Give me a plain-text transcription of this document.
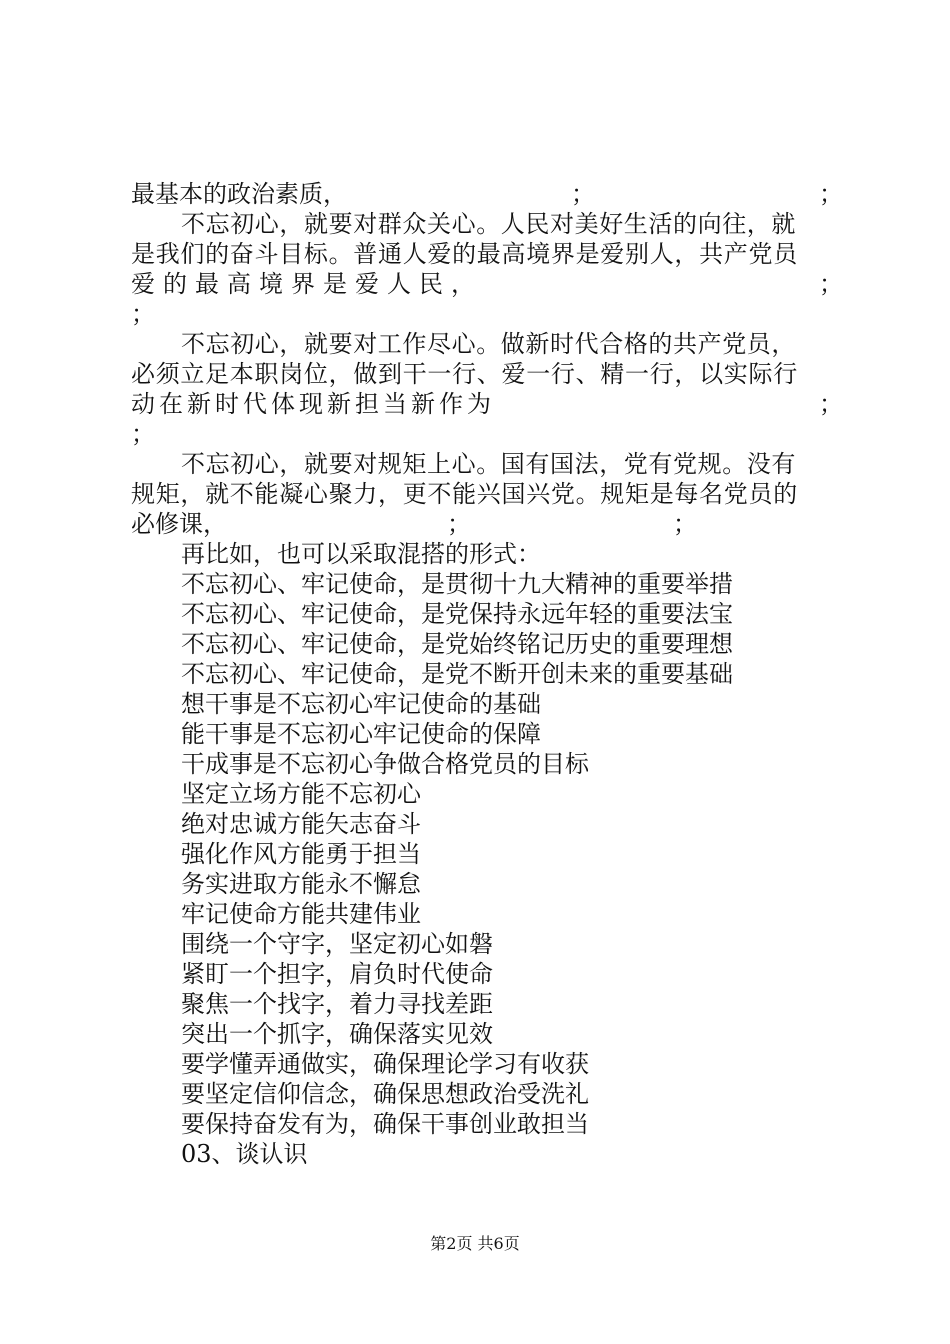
最基本的政治素质，	；	；
不忘初心，就要对群众关心。人民对美好生活的向往，就
是我们的奋斗目标。普通人爱的最高境界是爱别人，共产党员
爱的最高境界是爱人民，	；
；
不忘初心，就要对工作尽心。做新时代合格的共产党员，
必须立足本职岗位，做到干一行、爱一行、精一行，以实际行
动在新时代体现新担当新作为	；
；
不忘初心，就要对规矩上心。国有国法，党有党规。没有
规矩，就不能凝心聚力，更不能兴国兴党。规矩是每名党员的
必修课，	；	；
再比如，也可以采取混搭的形式：
不忘初心、牢记使命，是贯彻十九大精神的重要举措
不忘初心、牢记使命，是党保持永远年轻的重要法宝
不忘初心、牢记使命，是党始终铭记历史的重要理想
不忘初心、牢记使命，是党不断开创未来的重要基础
想干事是不忘初心牢记使命的基础
能干事是不忘初心牢记使命的保障
干成事是不忘初心争做合格党员的目标
坚定立场方能不忘初心
绝对忠诚方能矢志奋斗
强化作风方能勇于担当
务实进取方能永不懈怠
牢记使命方能共建伟业
围绕一个守字，坚定初心如磐
紧盯一个担字，肩负时代使命
聚焦一个找字，着力寻找差距
突出一个抓字，确保落实见效
要学懂弄通做实，确保理论学习有收获
要坚定信仰信念，确保思想政治受洗礼
要保持奋发有为，确保干事创业敢担当
03、谈认识
第2页 共6页
